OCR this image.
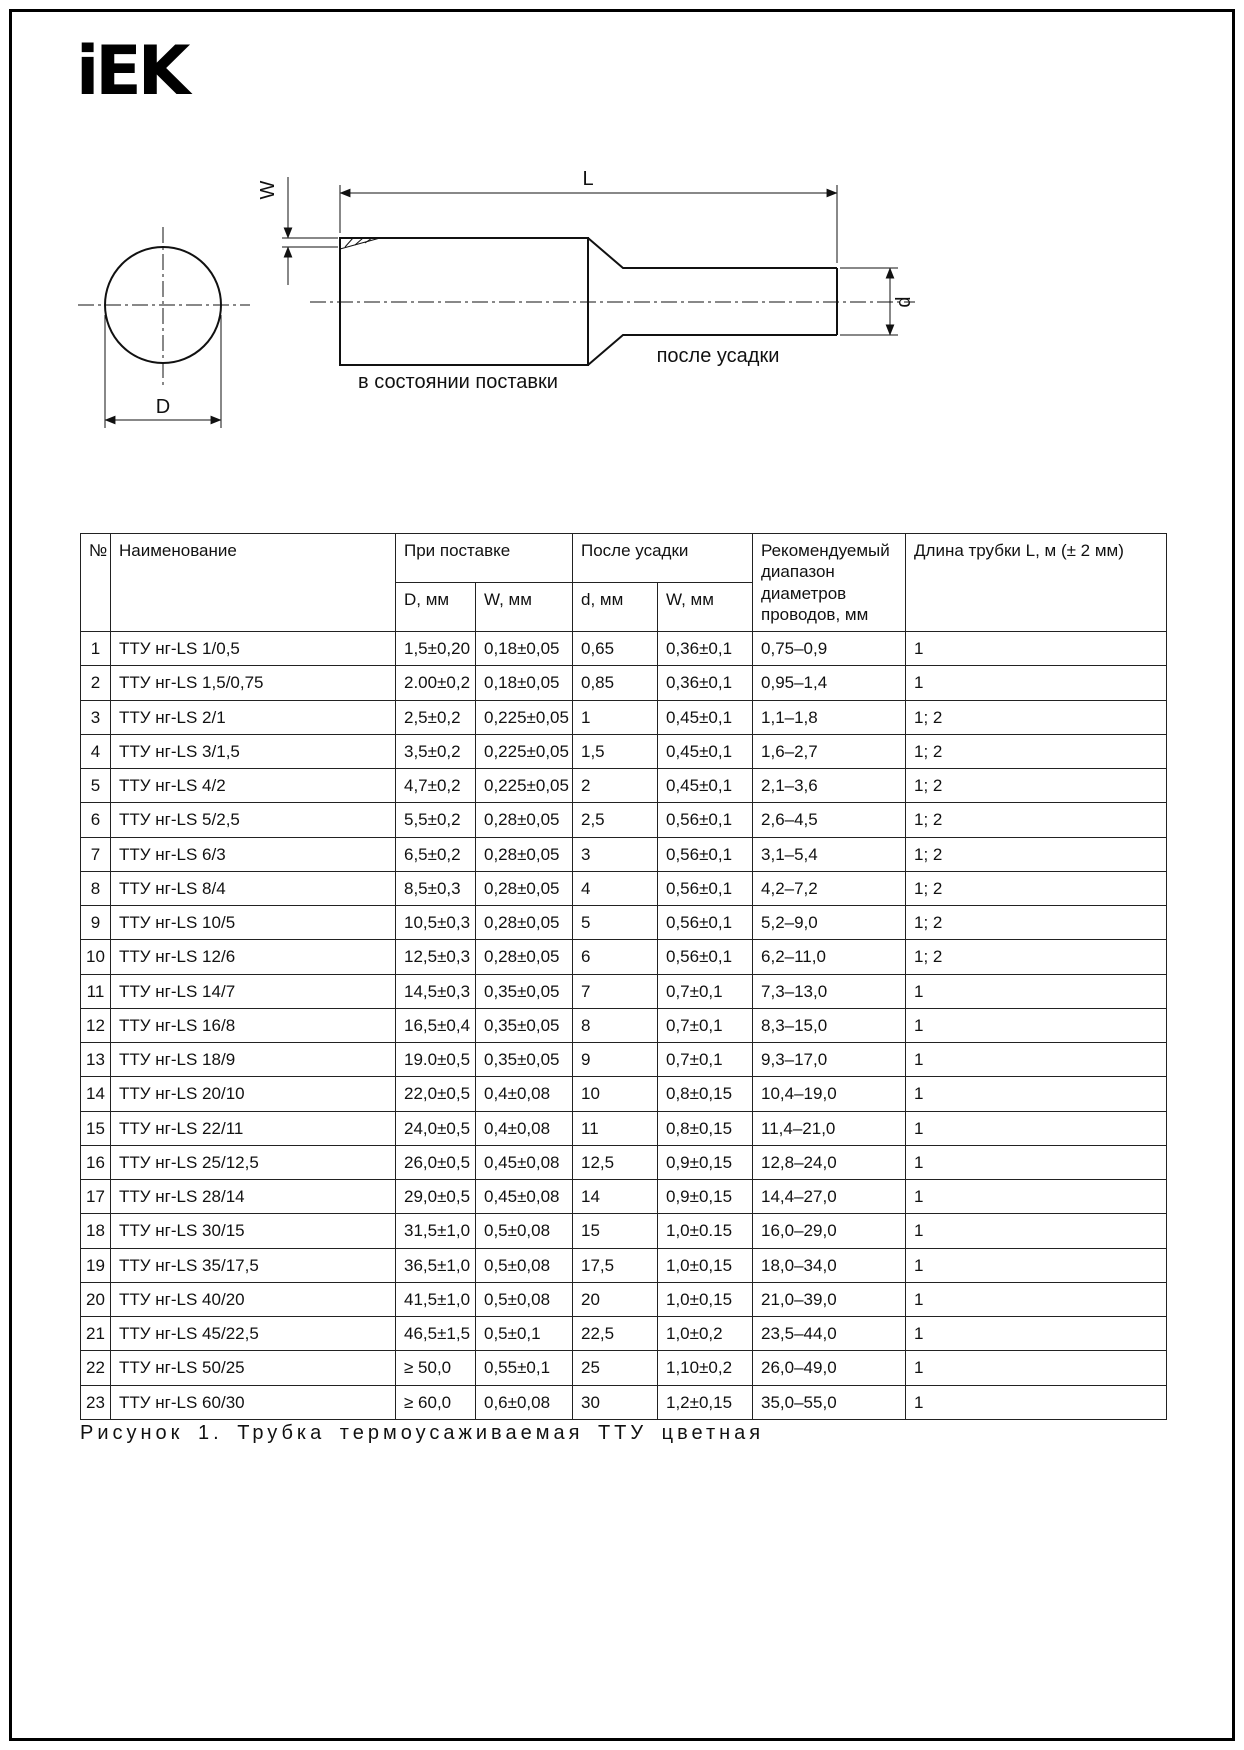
iEK
D
W	L
d
в состоянии поставки
после усадки
№	Наименование	При поставке		После усадки		Рекомендуемый диапазон диаметров проводов, мм	Длина трубки L, м (± 2 мм)
		D, мм	W, мм	d, мм	W, мм		
1	ТТУ нг-LS 1/0,5	1,5±0,20	0,18±0,05	0,65	0,36±0,1	0,75–0,9	1
2	ТТУ нг-LS 1,5/0,75	2.00±0,2	0,18±0,05	0,85	0,36±0,1	0,95–1,4	1
3	ТТУ нг-LS 2/1	2,5±0,2	0,225±0,05	1	0,45±0,1	1,1–1,8	1; 2
4	ТТУ нг-LS 3/1,5	3,5±0,2	0,225±0,05	1,5	0,45±0,1	1,6–2,7	1; 2
5	ТТУ нг-LS 4/2	4,7±0,2	0,225±0,05	2	0,45±0,1	2,1–3,6	1; 2
6	ТТУ нг-LS 5/2,5	5,5±0,2	0,28±0,05	2,5	0,56±0,1	2,6–4,5	1; 2
7	ТТУ нг-LS 6/3	6,5±0,2	0,28±0,05	3	0,56±0,1	3,1–5,4	1; 2
8	ТТУ нг-LS 8/4	8,5±0,3	0,28±0,05	4	0,56±0,1	4,2–7,2	1; 2
9	ТТУ нг-LS 10/5	10,5±0,3	0,28±0,05	5	0,56±0,1	5,2–9,0	1; 2
10	ТТУ нг-LS 12/6	12,5±0,3	0,28±0,05	6	0,56±0,1	6,2–11,0	1; 2
11	ТТУ нг-LS 14/7	14,5±0,3	0,35±0,05	7	0,7±0,1	7,3–13,0	1
12	ТТУ нг-LS 16/8	16,5±0,4	0,35±0,05	8	0,7±0,1	8,3–15,0	1
13	ТТУ нг-LS 18/9	19.0±0,5	0,35±0,05	9	0,7±0,1	9,3–17,0	1
14	ТТУ нг-LS 20/10	22,0±0,5	0,4±0,08	10	0,8±0,15	10,4–19,0	1
15	ТТУ нг-LS 22/11	24,0±0,5	0,4±0,08	11	0,8±0,15	11,4–21,0	1
16	ТТУ нг-LS 25/12,5	26,0±0,5	0,45±0,08	12,5	0,9±0,15	12,8–24,0	1
17	ТТУ нг-LS 28/14	29,0±0,5	0,45±0,08	14	0,9±0,15	14,4–27,0	1
18	ТТУ нг-LS 30/15	31,5±1,0	0,5±0,08	15	1,0±0.15	16,0–29,0	1
19	ТТУ нг-LS 35/17,5	36,5±1,0	0,5±0,08	17,5	1,0±0,15	18,0–34,0	1
20	ТТУ нг-LS 40/20	41,5±1,0	0,5±0,08	20	1,0±0,15	21,0–39,0	1
21	ТТУ нг-LS 45/22,5	46,5±1,5	0,5±0,1	22,5	1,0±0,2	23,5–44,0	1
22	ТТУ нг-LS 50/25	≥ 50,0	0,55±0,1	25	1,10±0,2	26,0–49,0	1
23	ТТУ нг-LS 60/30	≥ 60,0	0,6±0,08	30	1,2±0,15	35,0–55,0	1
Рисунок 1. Трубка термоусаживаемая ТТУ цветная
